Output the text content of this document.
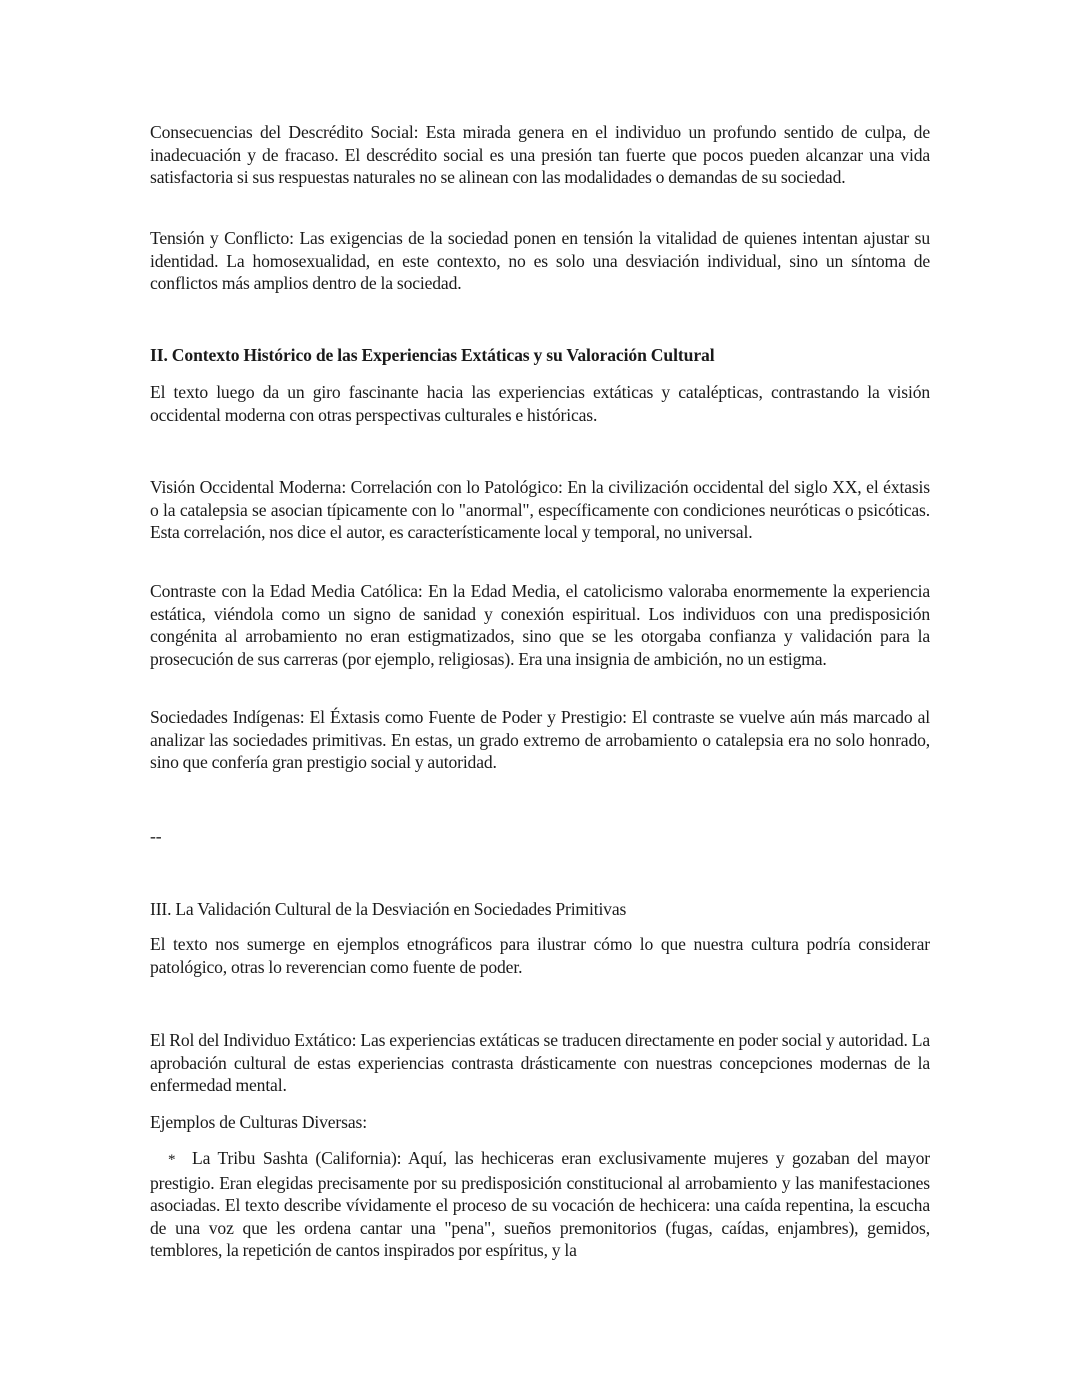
Consecuencias del Descrédito Social: Esta mirada genera en el individuo un profundo sentido de culpa, de inadecuación y de fracaso. El descrédito social es una presión tan fuerte que pocos pueden alcanzar una vida satisfactoria si sus respuestas naturales no se alinean con las modalidades o demandas de su sociedad.

Tensión y Conflicto: Las exigencias de la sociedad ponen en tensión la vitalidad de quienes intentan ajustar su identidad. La homosexualidad, en este contexto, no es solo una desviación individual, sino un síntoma de conflictos más amplios dentro de la sociedad.

II. Contexto Histórico de las Experiencias Extáticas y su Valoración Cultural

El texto luego da un giro fascinante hacia las experiencias extáticas y catalépticas, contrastando la visión occidental moderna con otras perspectivas culturales e históricas.

Visión Occidental Moderna: Correlación con lo Patológico: En la civilización occidental del siglo XX, el éxtasis o la catalepsia se asocian típicamente con lo "anormal", específicamente con condiciones neuróticas o psicóticas. Esta correlación, nos dice el autor, es característicamente local y temporal, no universal.

Contraste con la Edad Media Católica: En la Edad Media, el catolicismo valoraba enormemente la experiencia estática, viéndola como un signo de sanidad y conexión espiritual. Los individuos con una predisposición congénita al arrobamiento no eran estigmatizados, sino que se les otorgaba confianza y validación para la prosecución de sus carreras (por ejemplo, religiosas). Era una insignia de ambición, no un estigma.

Sociedades Indígenas: El Éxtasis como Fuente de Poder y Prestigio: El contraste se vuelve aún más marcado al analizar las sociedades primitivas. En estas, un grado extremo de arrobamiento o catalepsia era no solo honrado, sino que confería gran prestigio social y autoridad.

--

III. La Validación Cultural de la Desviación en Sociedades Primitivas

El texto nos sumerge en ejemplos etnográficos para ilustrar cómo lo que nuestra cultura podría considerar patológico, otras lo reverencian como fuente de poder.

El Rol del Individuo Extático: Las experiencias extáticas se traducen directamente en poder social y autoridad. La aprobación cultural de estas experiencias contrasta drásticamente con nuestras concepciones modernas de la enfermedad mental.

Ejemplos de Culturas Diversas:

* La Tribu Sashta (California): Aquí, las hechiceras eran exclusivamente mujeres y gozaban del mayor prestigio. Eran elegidas precisamente por su predisposición constitucional al arrobamiento y las manifestaciones asociadas. El texto describe vívidamente el proceso de su vocación de hechicera: una caída repentina, la escucha de una voz que les ordena cantar una "pena", sueños premonitorios (fugas, caídas, enjambres), gemidos, temblores, la repetición de cantos inspirados por espíritus, y la
